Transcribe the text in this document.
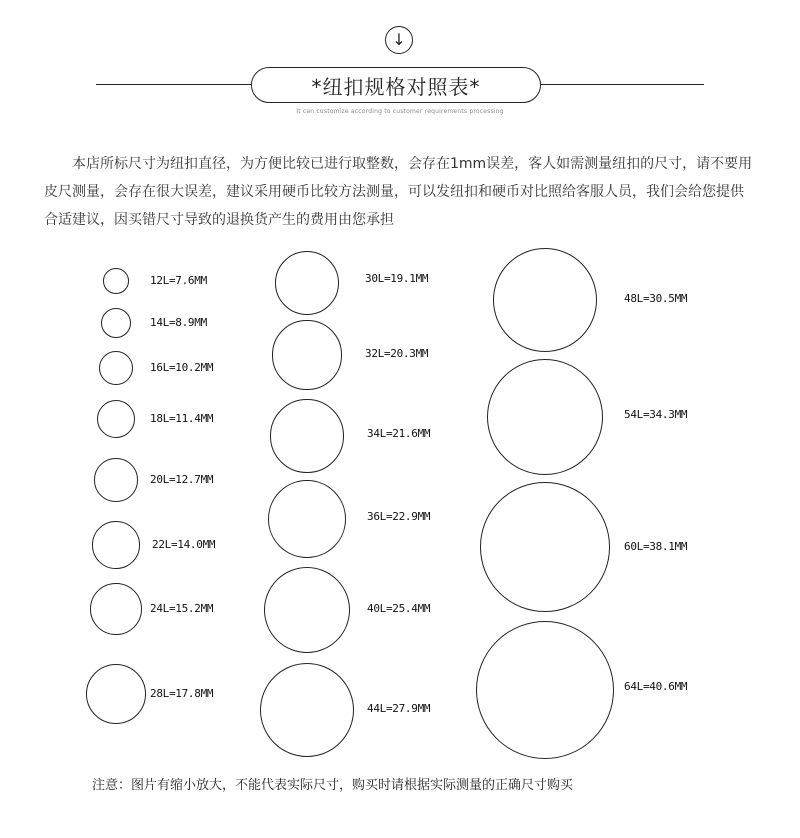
↓
*纽扣规格对照表*
It can customize according to customer requirements processing
本店所标尺寸为纽扣直径，为方便比较已进行取整数，会存在1mm误差，客人如需测量纽扣的尺寸，请不要用皮尺测量，会存在很大误差，建议采用硬币比较方法测量，可以发纽扣和硬币对比照给客服人员，我们会给您提供合适建议，因买错尺寸导致的退换货产生的费用由您承担
12L=7.6MM
14L=8.9MM
16L=10.2MM
18L=11.4MM
20L=12.7MM
22L=14.0MM
24L=15.2MM
28L=17.8MM
30L=19.1MM
32L=20.3MM
34L=21.6MM
36L=22.9MM
40L=25.4MM
44L=27.9MM
48L=30.5MM
54L=34.3MM
60L=38.1MM
64L=40.6MM
注意：图片有缩小放大，不能代表实际尺寸，购买时请根据实际测量的正确尺寸购买
